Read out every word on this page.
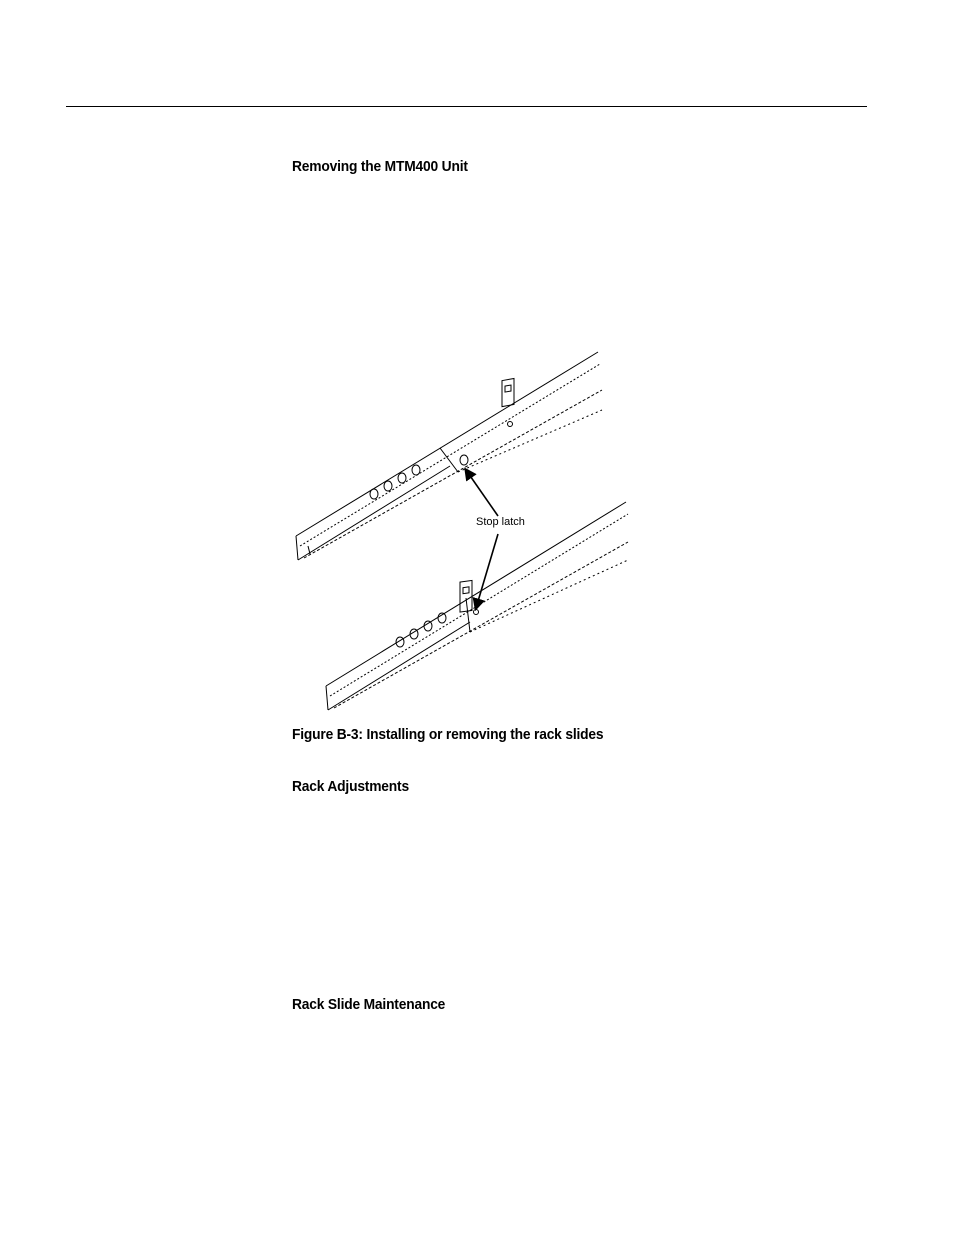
Removing the MTM400 Unit
Stop latch
Figure B-3: Installing or removing the rack slides
Rack Adjustments
Rack Slide Maintenance
